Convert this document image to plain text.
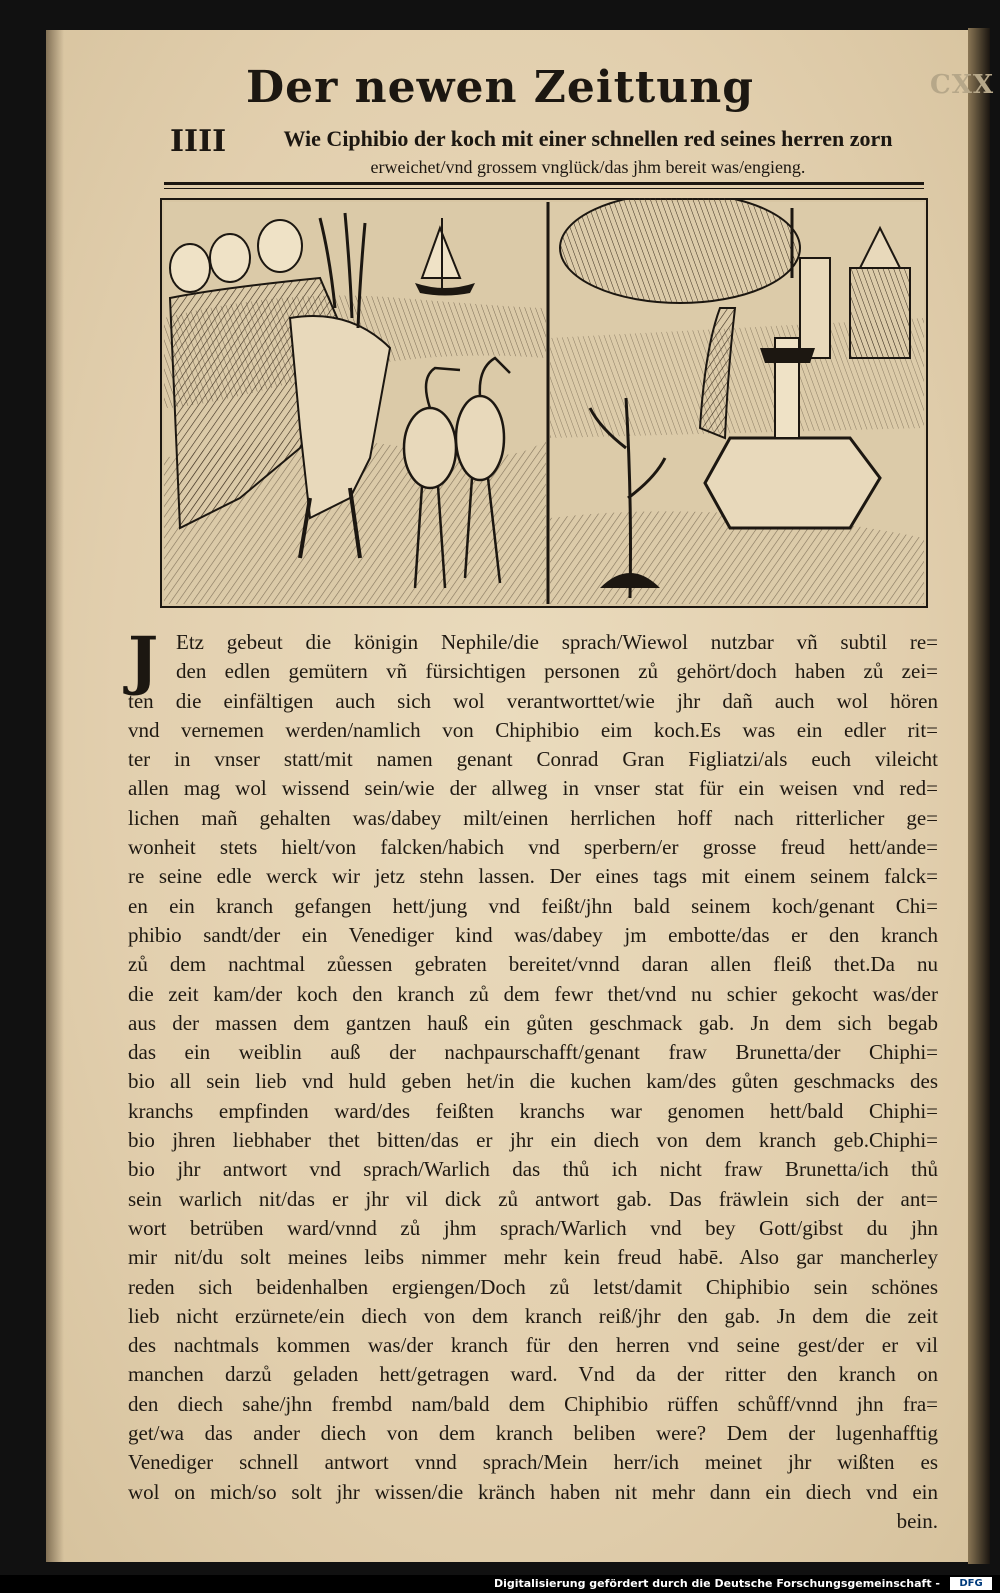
CXX
Der newen Zeittung
IIII	Wie Ciphibio der koch mit einer schnellen red seines herren zorn
erweichet/vnd grossem vnglück/das jhm bereit was/engieng.
J Etz gebeut die königin Nephile/die sprach/Wiewol nutzbar vñ subtil re=
den edlen gemütern vñ fürsichtigen personen zů gehört/doch haben zů zei=
ten die einfältigen auch sich wol verantworttet/wie jhr dañ auch wol hören
vnd vernemen werden/namlich von Chiphibio eim koch.Es was ein edler rit=
ter in vnser statt/mit namen genant Conrad Gran Figliatzi/als euch vileicht
allen mag wol wissend sein/wie der allweg in vnser stat für ein weisen vnd red=
lichen mañ gehalten was/dabey milt/einen herrlichen hoff nach ritterlicher ge=
wonheit stets hielt/von falcken/habich vnd sperbern/er grosse freud hett/ande=
re seine edle werck wir jetz stehn lassen. Der eines tags mit einem seinem falck=
en ein kranch gefangen hett/jung vnd feißt/jhn bald seinem koch/genant Chi=
phibio sandt/der ein Venediger kind was/dabey jm embotte/das er den kranch
zů dem nachtmal zůessen gebraten bereitet/vnnd daran allen fleiß thet.Da nu
die zeit kam/der koch den kranch zů dem fewr thet/vnd nu schier gekocht was/der
aus der massen dem gantzen hauß ein gůten geschmack gab. Jn dem sich begab
das ein weiblin auß der nachpaurschafft/genant fraw Brunetta/der Chiphi=
bio all sein lieb vnd huld geben het/in die kuchen kam/des gůten geschmacks des
kranchs empfinden ward/des feißten kranchs war genomen hett/bald Chiphi=
bio jhren liebhaber thet bitten/das er jhr ein diech von dem kranch geb.Chiphi=
bio jhr antwort vnd sprach/Warlich das thů ich nicht fraw Brunetta/ich thů
sein warlich nit/das er jhr vil dick zů antwort gab. Das fräwlein sich der ant=
wort betrüben ward/vnnd zů jhm sprach/Warlich vnd bey Gott/gibst du jhn
mir nit/du solt meines leibs nimmer mehr kein freud habē. Also gar mancherley
reden sich beidenhalben ergiengen/Doch zů letst/damit Chiphibio sein schönes
lieb nicht erzürnete/ein diech von dem kranch reiß/jhr den gab. Jn dem die zeit
des nachtmals kommen was/der kranch für den herren vnd seine gest/der er vil
manchen darzů geladen hett/getragen ward. Vnd da der ritter den kranch on
den diech sahe/jhn frembd nam/bald dem Chiphibio rüffen schůff/vnnd jhn fra=
get/wa das ander diech von dem kranch beliben were? Dem der lugenhafftig
Venediger schnell antwort vnnd sprach/Mein herr/ich meinet jhr wißten es
wol on mich/so solt jhr wissen/die kränch haben nit mehr dann ein diech vnd ein
bein.
Digitalisierung gefördert durch die Deutsche Forschungsgemeinschaft -	DFG
